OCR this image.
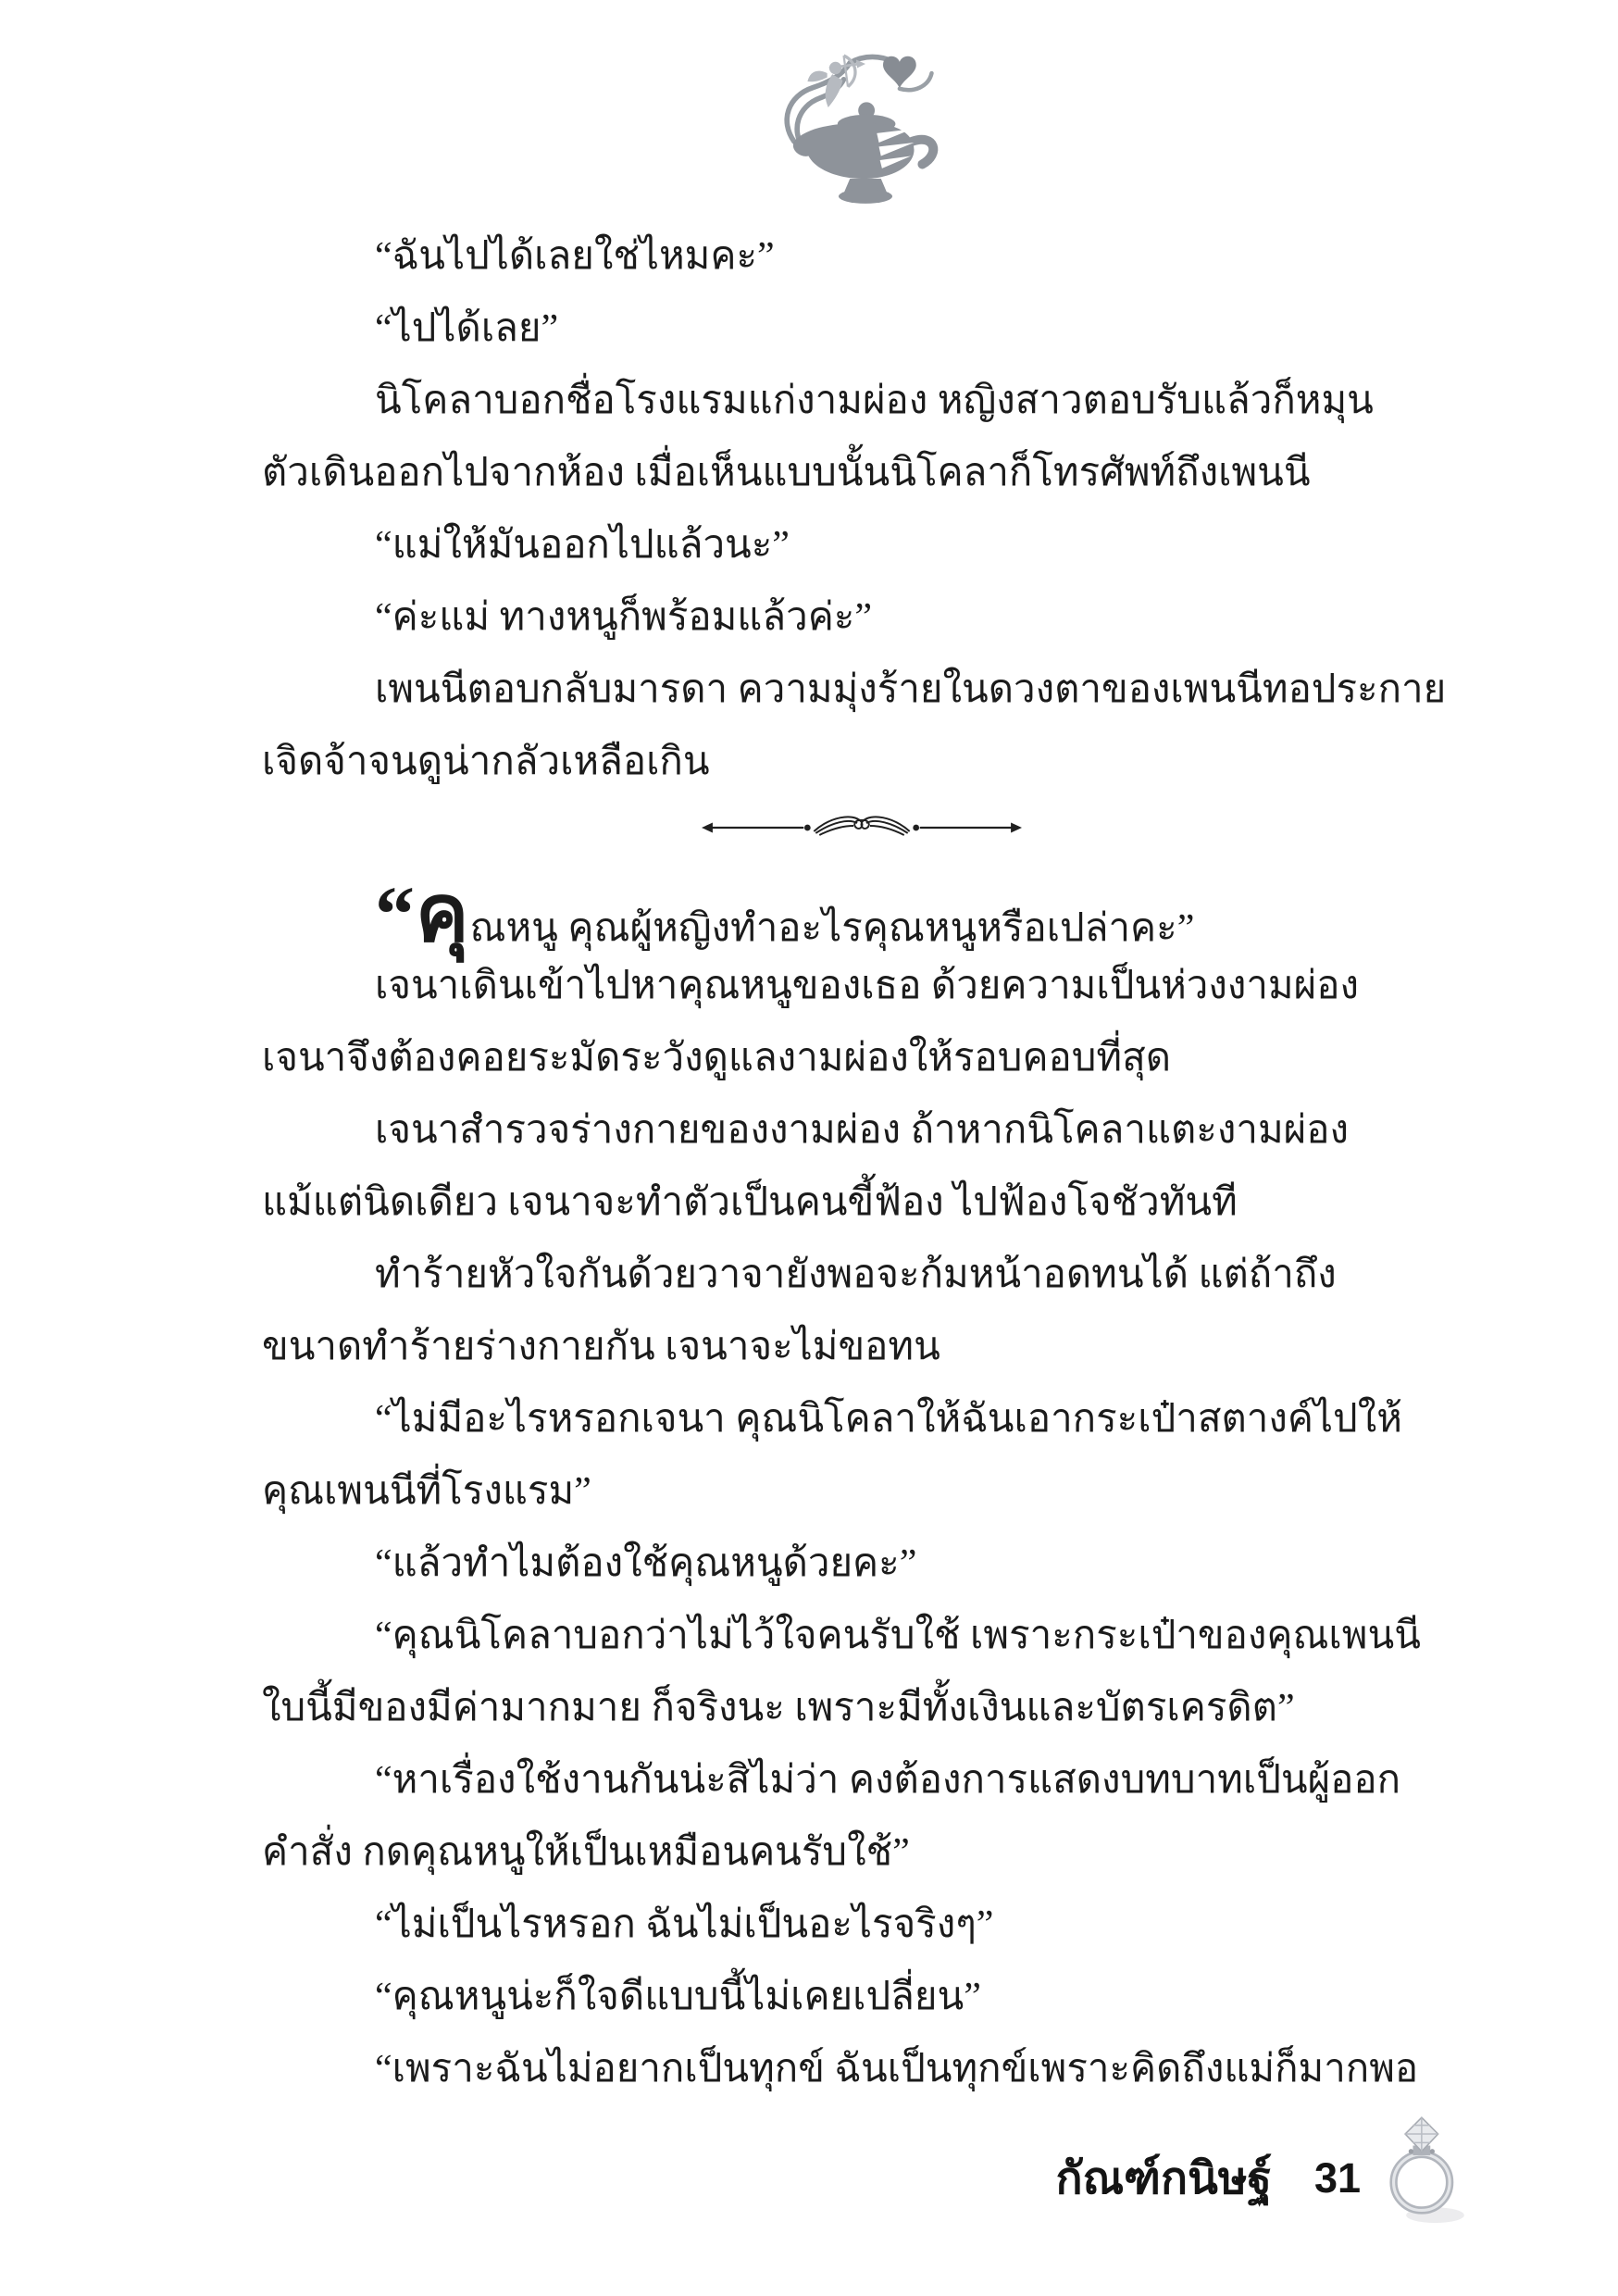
“ฉันไปได้เลยใช่ไหมคะ”

“ไปได้เลย”

นิโคลาบอกชื่อโรงแรมแก่งามผ่อง หญิงสาวตอบรับแล้วก็หมุน

ตัวเดินออกไปจากห้อง เมื่อเห็นแบบนั้นนิโคลาก็โทรศัพท์ถึงเพนนี

“แม่ให้มันออกไปแล้วนะ”

“ค่ะแม่ ทางหนูก็พร้อมแล้วค่ะ”

เพนนีตอบกลับมารดา ความมุ่งร้ายในดวงตาของเพนนีทอประกาย

เจิดจ้าจนดูน่ากลัวเหลือเกิน

“คุณหนู คุณผู้หญิงทำอะไรคุณหนูหรือเปล่าคะ”

เจนาเดินเข้าไปหาคุณหนูของเธอ ด้วยความเป็นห่วงงามผ่อง

เจนาจึงต้องคอยระมัดระวังดูแลงามผ่องให้รอบคอบที่สุด

เจนาสำรวจร่างกายของงามผ่อง ถ้าหากนิโคลาแตะงามผ่อง

แม้แต่นิดเดียว เจนาจะทำตัวเป็นคนขี้ฟ้อง ไปฟ้องโจชัวทันที

ทำร้ายหัวใจกันด้วยวาจายังพอจะก้มหน้าอดทนได้ แต่ถ้าถึง

ขนาดทำร้ายร่างกายกัน เจนาจะไม่ขอทน

“ไม่มีอะไรหรอกเจนา คุณนิโคลาให้ฉันเอากระเป๋าสตางค์ไปให้

คุณเพนนีที่โรงแรม”

“แล้วทำไมต้องใช้คุณหนูด้วยคะ”

“คุณนิโคลาบอกว่าไม่ไว้ใจคนรับใช้ เพราะกระเป๋าของคุณเพนนี

ใบนี้มีของมีค่ามากมาย ก็จริงนะ เพราะมีทั้งเงินและบัตรเครดิต”

“หาเรื่องใช้งานกันน่ะสิไม่ว่า คงต้องการแสดงบทบาทเป็นผู้ออก

คำสั่ง กดคุณหนูให้เป็นเหมือนคนรับใช้”

“ไม่เป็นไรหรอก ฉันไม่เป็นอะไรจริงๆ”

“คุณหนูน่ะก็ใจดีแบบนี้ไม่เคยเปลี่ยน”

“เพราะฉันไม่อยากเป็นทุกข์ ฉันเป็นทุกข์เพราะคิดถึงแม่ก็มากพอ

กัณฑ์กนิษฐ์ 31
